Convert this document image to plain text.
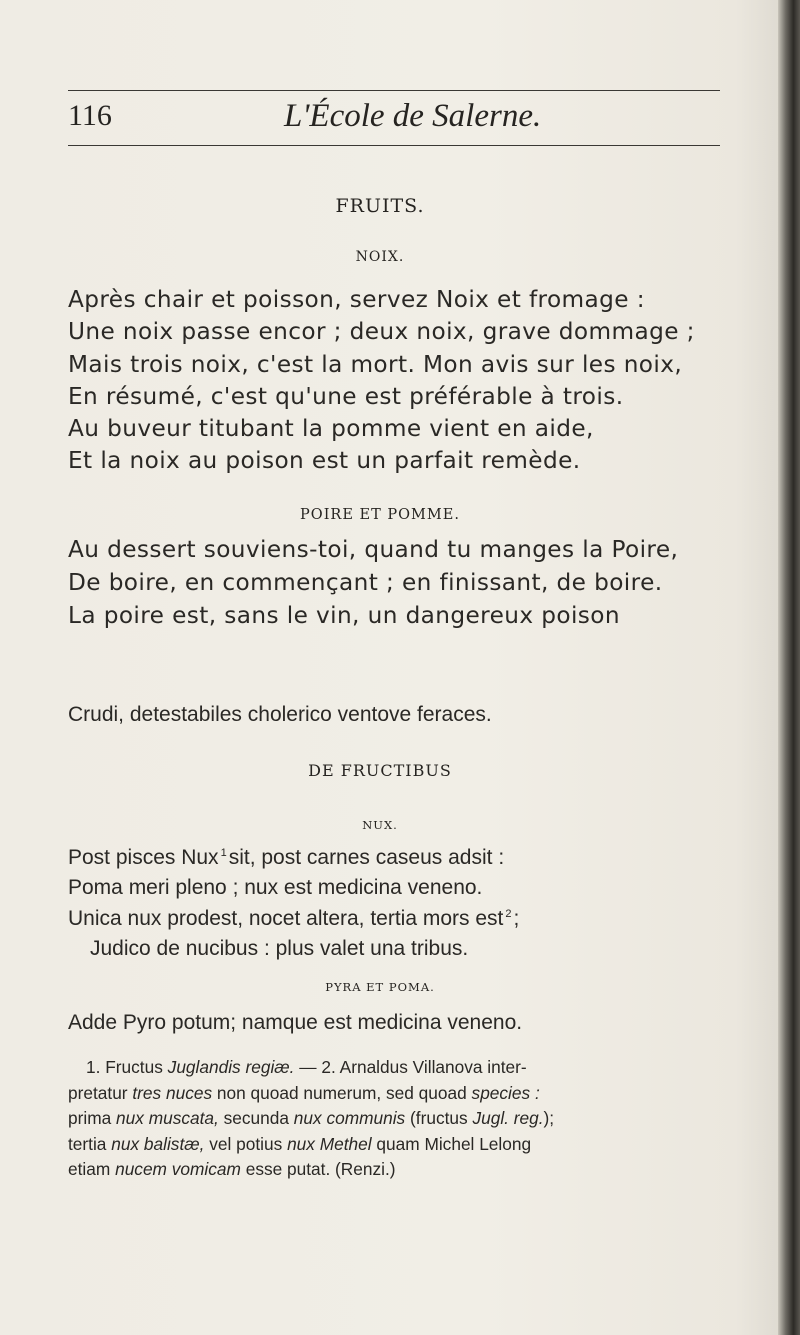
116	L'École de Salerne.
FRUITS.
NOIX.
Après chair et poisson, servez Noix et fromage :
Une noix passe encor ; deux noix, grave dommage ;
Mais trois noix, c'est la mort. Mon avis sur les noix,
En résumé, c'est qu'une est préférable à trois.
Au buveur titubant la pomme vient en aide,
Et la noix au poison est un parfait remède.
POIRE ET POMME.
Au dessert souviens-toi, quand tu manges la Poire,
De boire, en commençant ; en finissant, de boire.
La poire est, sans le vin, un dangereux poison
Crudi, detestabiles cholerico ventove feraces.
DE FRUCTIBUS
NUX.
Post pisces Nux $^1$sit, post carnes caseus adsit :
Poma meri pleno ; nux est medicina veneno.
Unica nux prodest, nocet altera, tertia mors est $^2$;
Judico de nucibus : plus valet una tribus.
PYRA ET POMA.
Adde Pyro potum; namque est medicina veneno.
1. Fructus Juglandis regiæ. — 2. Arnaldus Villanova inter-
pretatur tres nuces non quoad numerum, sed quoad species :
prima nux muscata, secunda nux communis (fructus Jugl. reg.);
tertia nux balistæ, vel potius nux Methel quam Michel Lelong
etiam nucem vomicam esse putat. (Renzi.)
